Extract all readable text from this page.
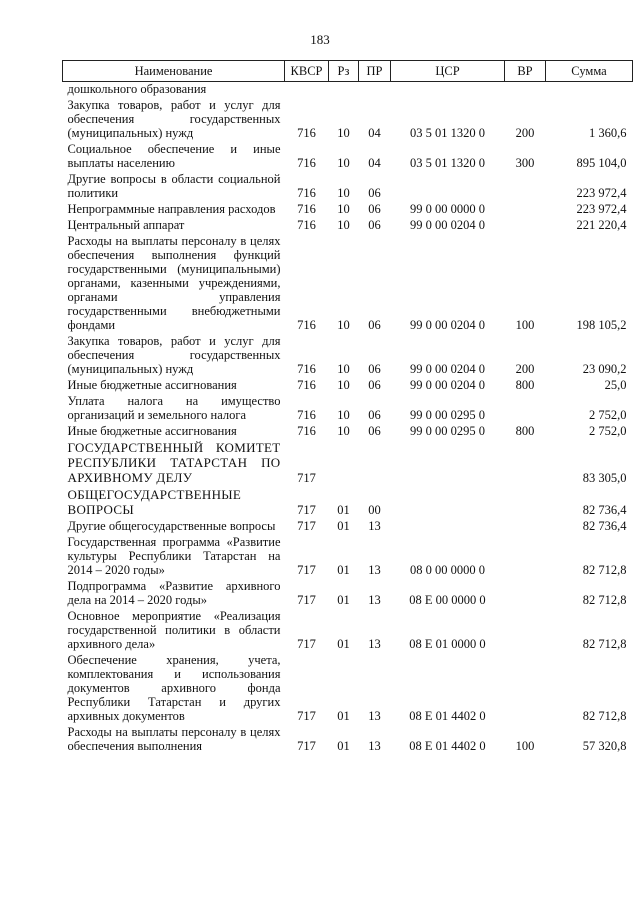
183
Наименование	КВСР	Рз	ПР	ЦСР	ВР	Сумма
дошкольного образования						
Закупка товаров, работ и услуг для обеспечения государственных (муниципальных) нужд	716	10	04	03 5 01 1320 0	200	1 360,6
Социальное обеспечение и иные выплаты населению	716	10	04	03 5 01 1320 0	300	895 104,0
Другие вопросы в области социальной политики	716	10	06			223 972,4
Непрограммные направления расходов	716	10	06	99 0 00 0000 0		223 972,4
Центральный аппарат	716	10	06	99 0 00 0204 0		221 220,4
Расходы на выплаты персоналу в целях обеспечения выполнения функций государственными (муниципальными) органами, казенными учреждениями, органами управления государственными внебюджетными фондами	716	10	06	99 0 00 0204 0	100	198 105,2
Закупка товаров, работ и услуг для обеспечения государственных (муниципальных) нужд	716	10	06	99 0 00 0204 0	200	23 090,2
Иные бюджетные ассигнования	716	10	06	99 0 00 0204 0	800	25,0
Уплата налога на имущество организаций и земельного налога	716	10	06	99 0 00 0295 0		2 752,0
Иные бюджетные ассигнования	716	10	06	99 0 00 0295 0	800	2 752,0
ГОСУДАРСТВЕННЫЙ КОМИТЕТ РЕСПУБЛИКИ ТАТАРСТАН ПО АРХИВНОМУ ДЕЛУ	717					83 305,0
ОБЩЕГОСУДАРСТВЕННЫЕ ВОПРОСЫ	717	01	00			82 736,4
Другие общегосударственные вопросы	717	01	13			82 736,4
Государственная программа «Развитие культуры Республики Татарстан на 2014 – 2020 годы»	717	01	13	08 0 00 0000 0		82 712,8
Подпрограмма «Развитие архивного дела на 2014 – 2020 годы»	717	01	13	08 Е 00 0000 0		82 712,8
Основное мероприятие «Реализация государственной политики в области архивного дела»	717	01	13	08 Е 01 0000 0		82 712,8
Обеспечение хранения, учета, комплектования и использования документов архивного фонда Республики Татарстан и других архивных документов	717	01	13	08 Е 01 4402 0		82 712,8
Расходы на выплаты персоналу в целях обеспечения выполнения	717	01	13	08 Е 01 4402 0	100	57 320,8
